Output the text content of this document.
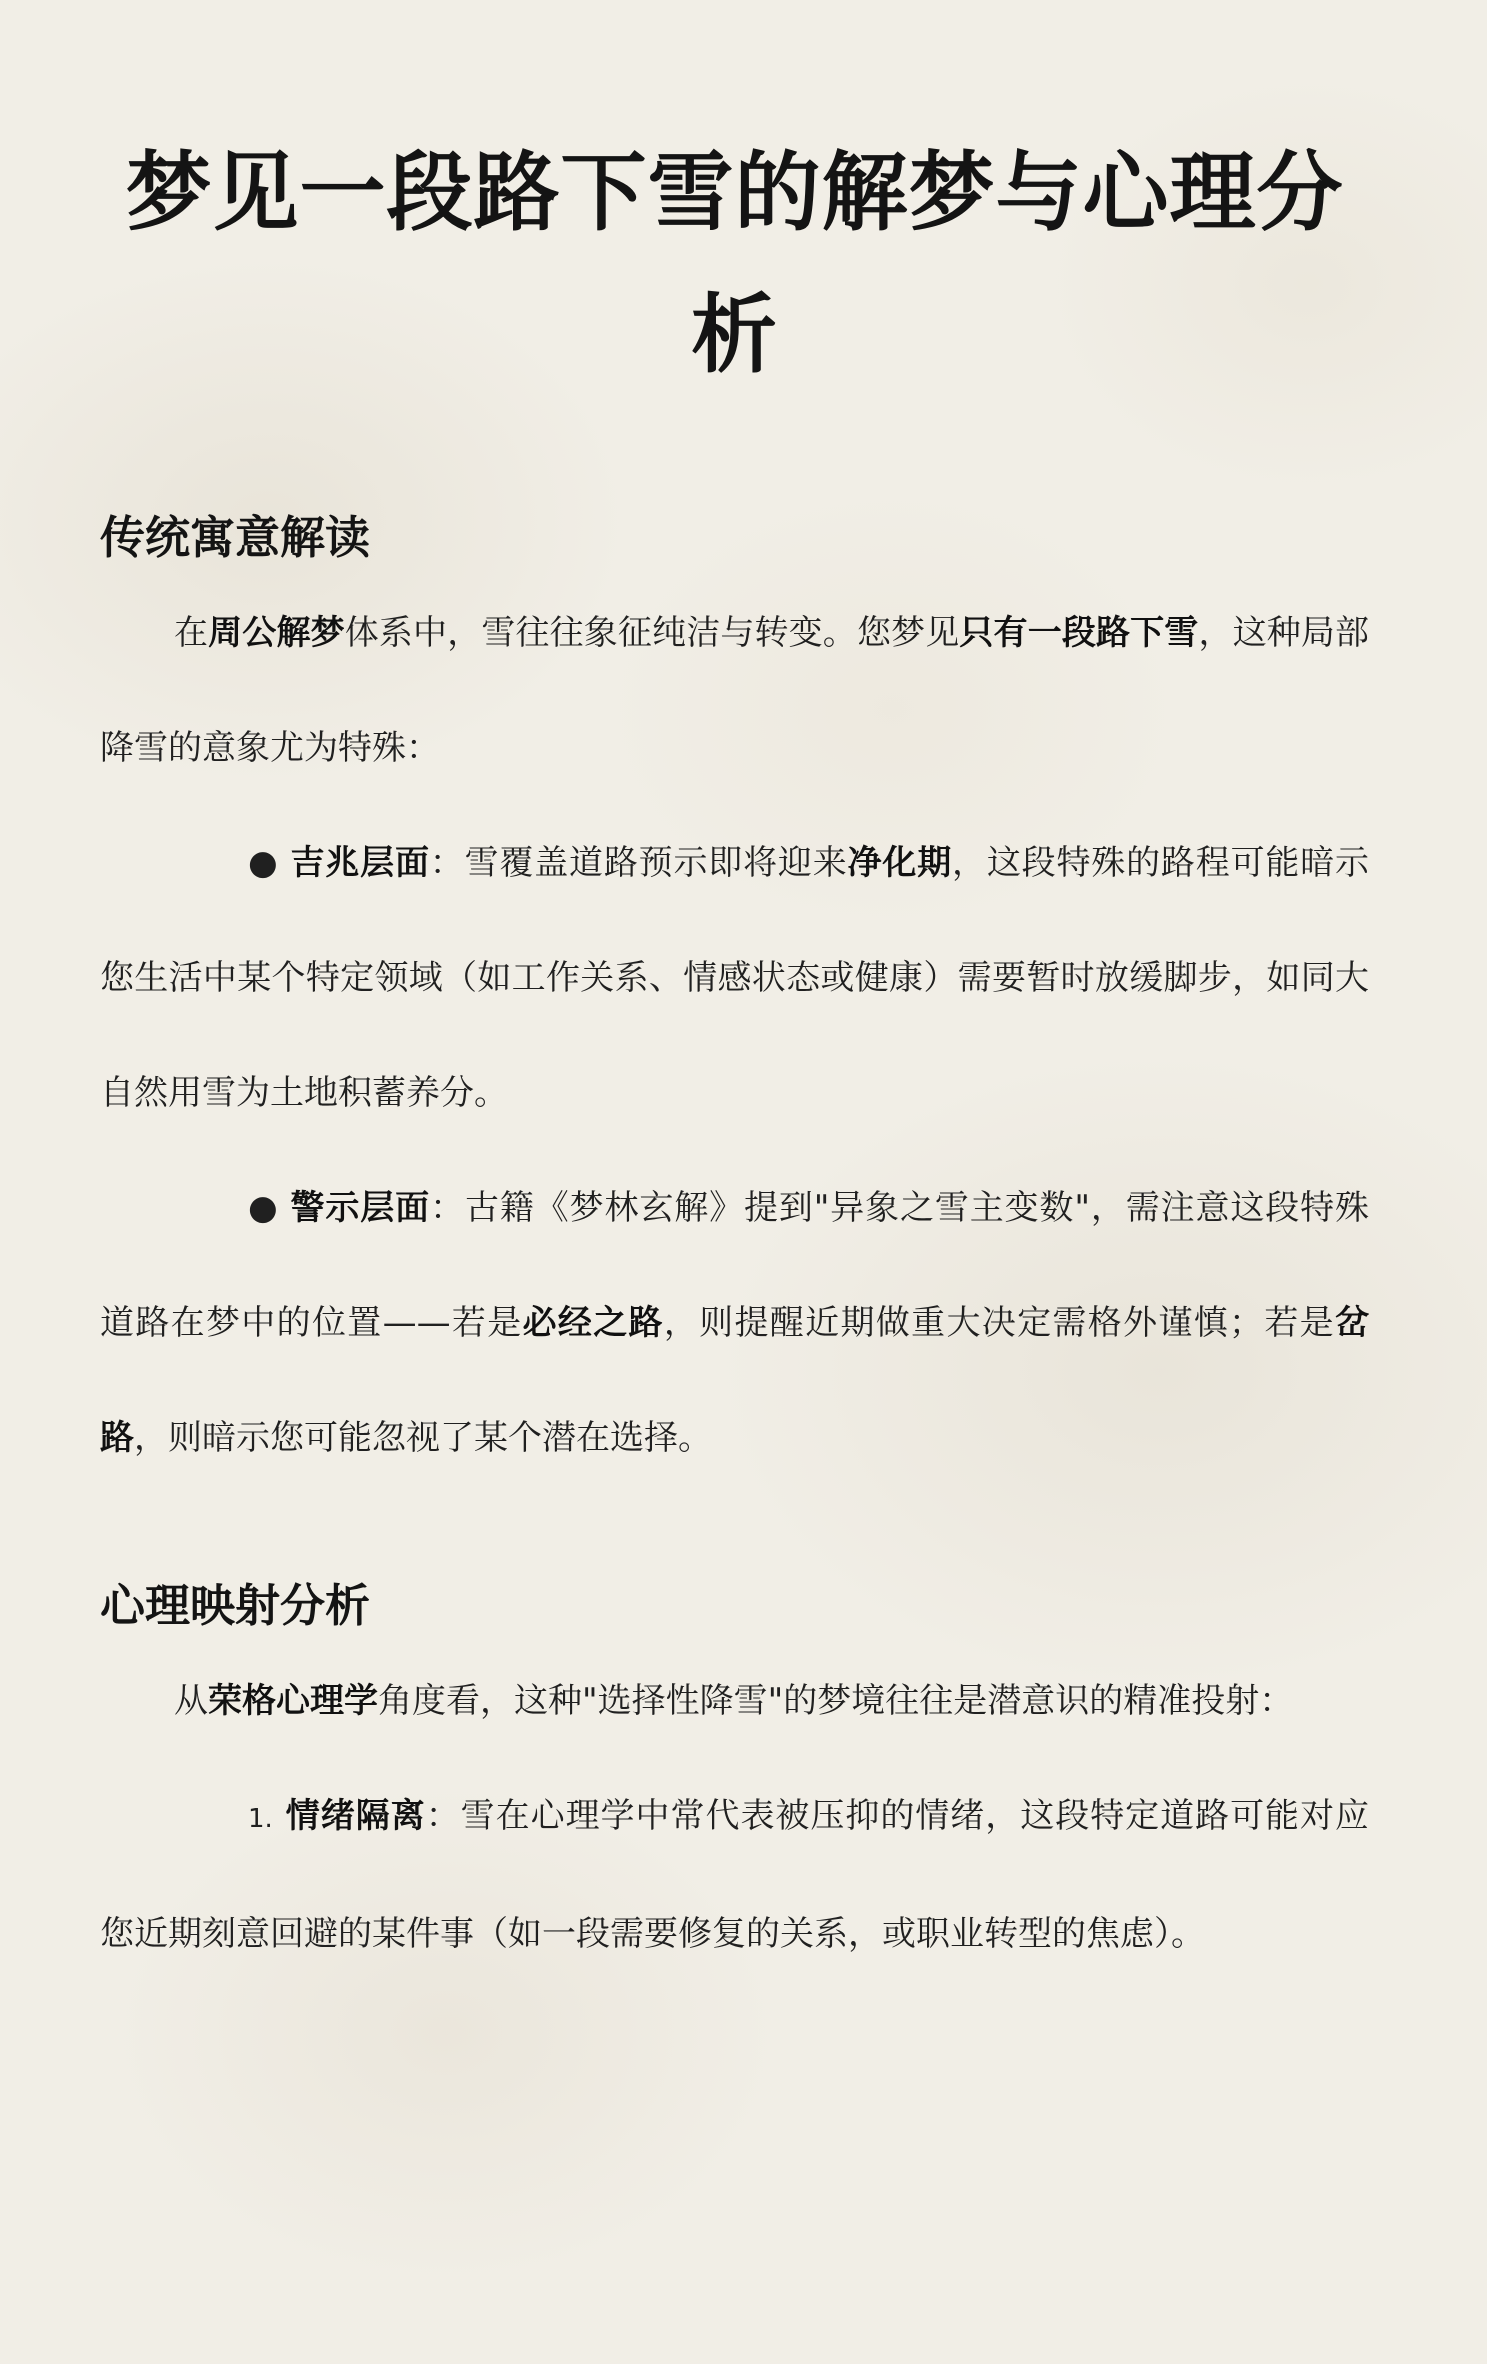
梦见一段路下雪的解梦与心理分析
传统寓意解读

在周公解梦体系中，雪往往象征纯洁与转变。您梦见只有一段路下雪，这种局部降雪的意象尤为特殊：

● 吉兆层面：雪覆盖道路预示即将迎来净化期，这段特殊的路程可能暗示您生活中某个特定领域（如工作关系、情感状态或健康）需要暂时放缓脚步，如同大自然用雪为土地积蓄养分。

● 警示层面：古籍《梦林玄解》提到"异象之雪主变数"，需注意这段特殊道路在梦中的位置——若是必经之路，则提醒近期做重大决定需格外谨慎；若是岔路，则暗示您可能忽视了某个潜在选择。

心理映射分析

从荣格心理学角度看，这种"选择性降雪"的梦境往往是潜意识的精准投射：

1. 情绪隔离：雪在心理学中常代表被压抑的情绪，这段特定道路可能对应您近期刻意回避的某件事（如一段需要修复的关系，或职业转型的焦虑）。
